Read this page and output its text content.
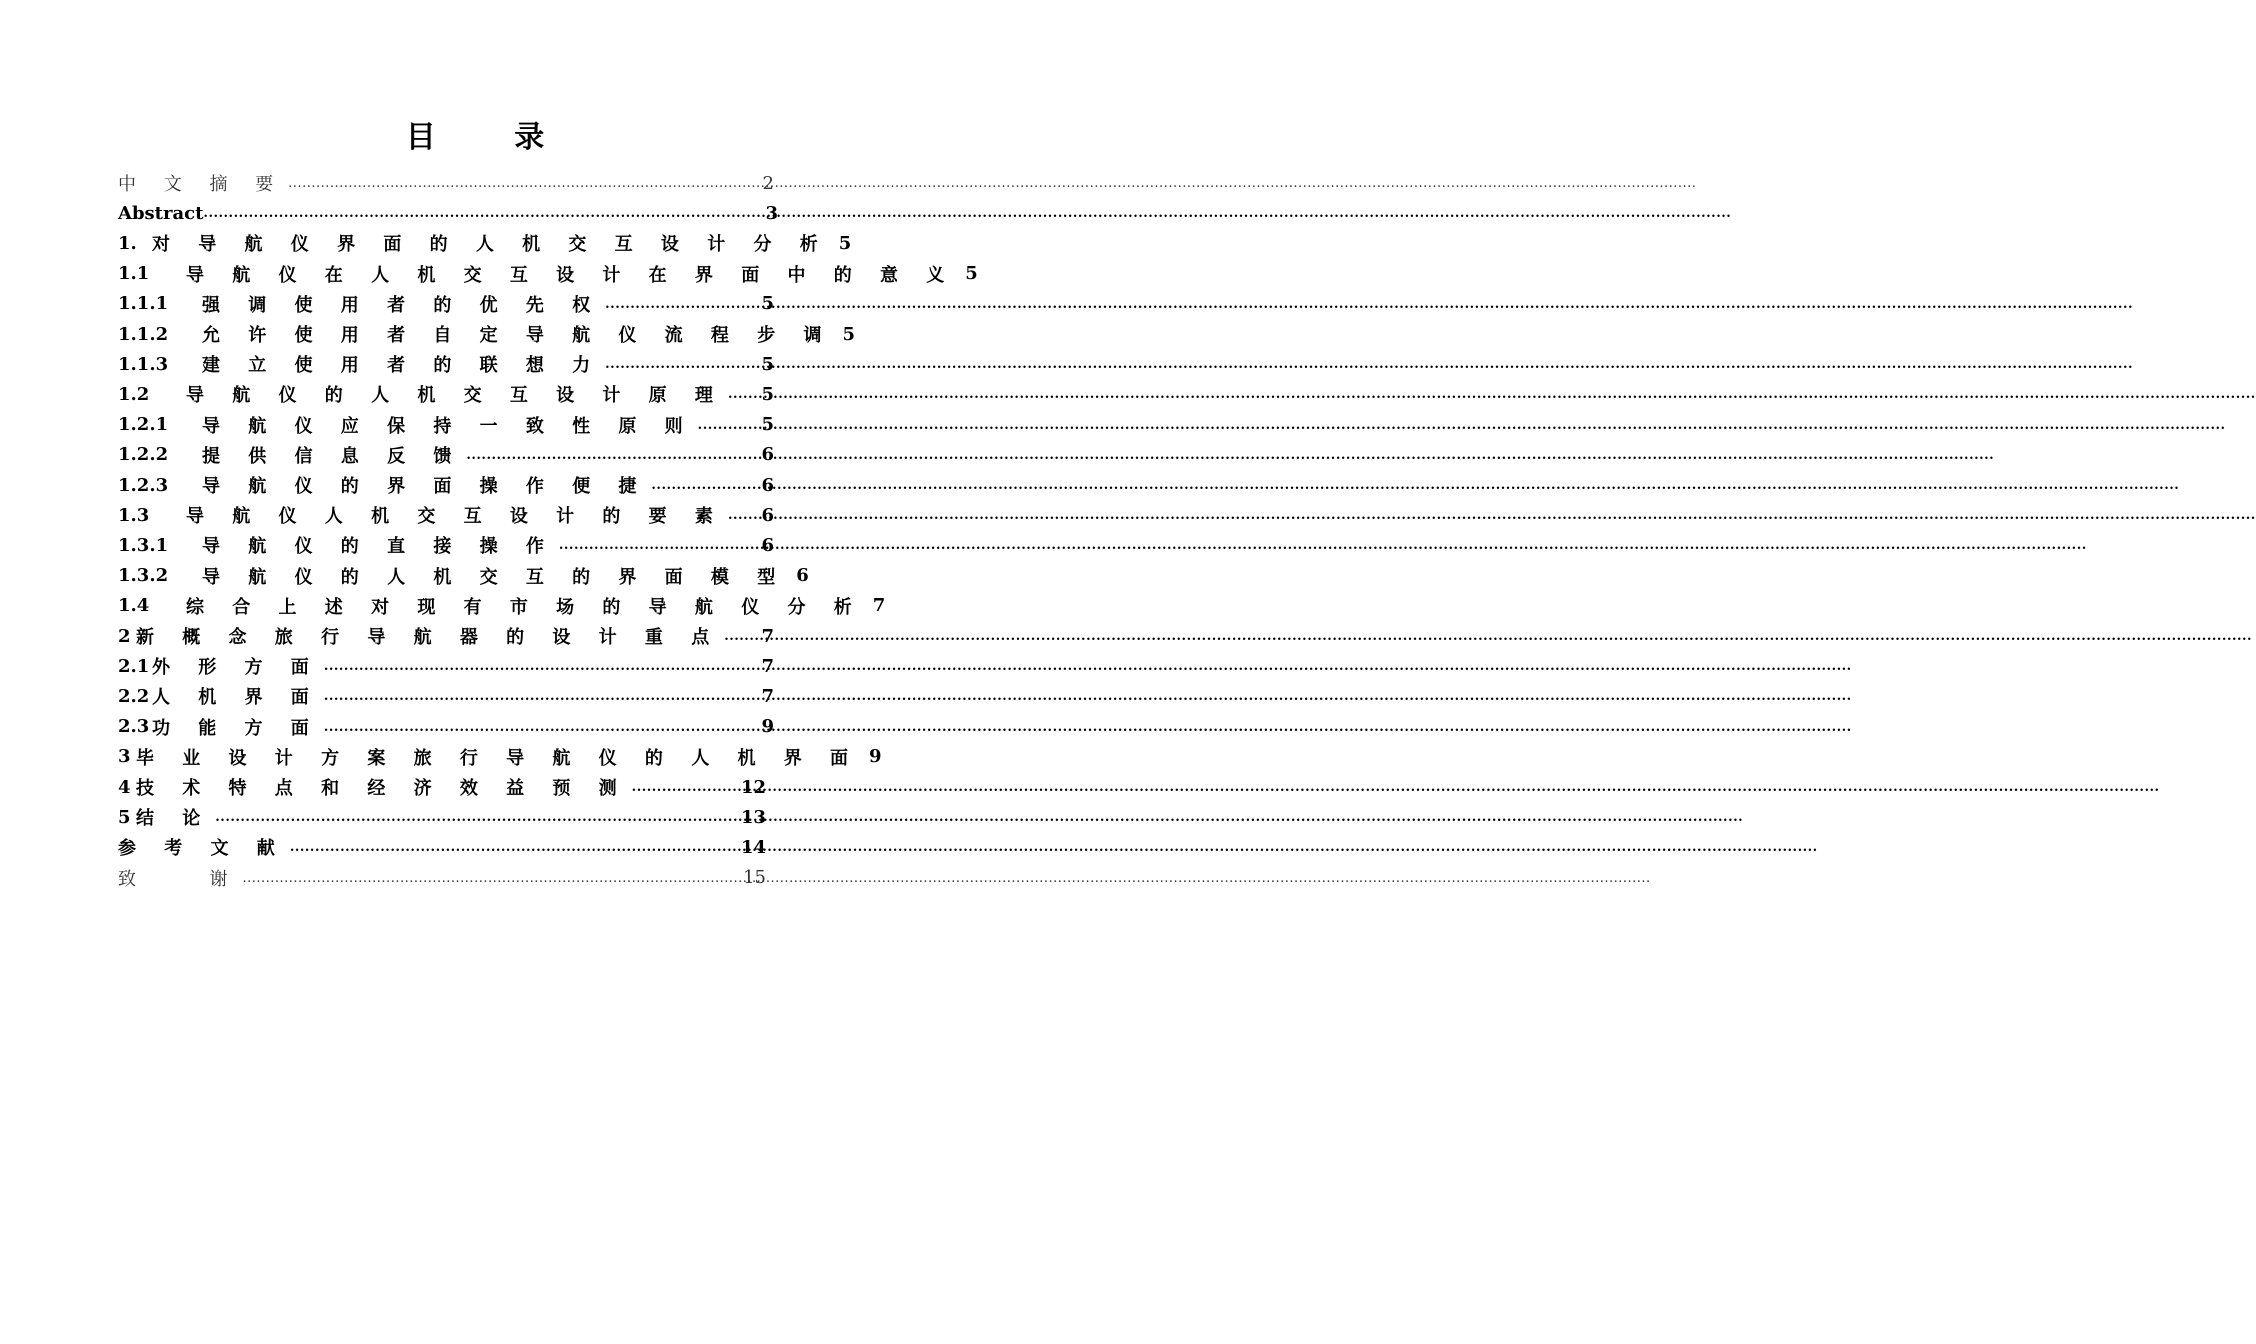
目 录
中 文 摘 要 .....	2
Abstract .....	3
1. 对 导 航 仪 界 面 的 人 机 交 互 设 计 分 析 5
1.1	导 航 仪 在 人 机 交 互 设 计 在 界 面 中 的 意 义 5
1.1.1	强 调 使 用 者 的 优 先 权 .....	5
1.1.2	允 许 使 用 者 自 定 导 航 仪 流 程 步 调 5
1.1.3	建 立 使 用 者 的 联 想 力 .....	5
1.2	导 航 仪 的 人 机 交 互 设 计 原 理 ..... 5
1.2.1	导 航 仪 应 保 持 一 致 性 原 则 .....	5
1.2.2	提 供 信 息 反 馈 .....	6
1.2.3	导 航 仪 的 界 面 操 作 便 捷 .....	6
1.3	导 航 仪 人 机 交 互 设 计 的 要 素 ..... 6
1.3.1	导 航 仪 的 直 接 操 作 .....	6
1.3.2	导 航 仪 的 人 机 交 互 的 界 面 模 型 6
1.4	综 合 上 述 对 现 有 市 场 的 导 航 仪 分 析 7
2 新 概 念 旅 行 导 航 器 的 设 计 重 点 ..... 7
2.1 外 形 方 面 .....	7
2.2 人 机 界 面 .....	7
2.3 功 能 方 面 .....	9
3 毕 业 设 计 方 案 旅 行 导 航 仪 的 人 机 界 面 9
4 技 术 特 点 和 经 济 效 益 预 测 .....	12
5 结 论 .....	13
参 考 文 献 .....	14
致 　 谢 .....	15
